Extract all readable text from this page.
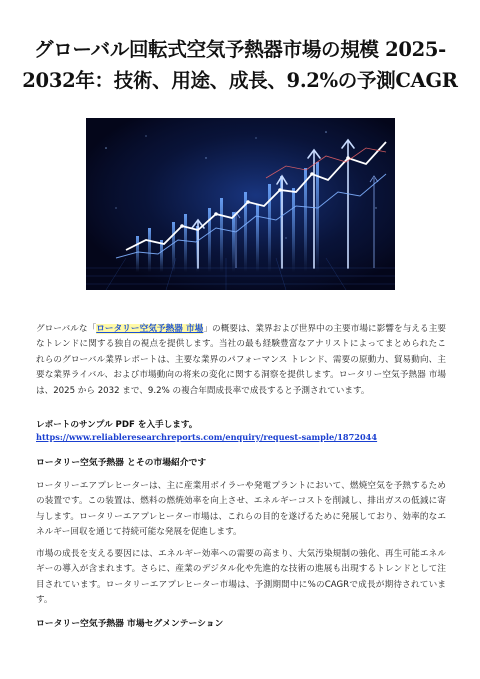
グローバル回転式空気予熱器市場の規模 2025-2032年：技術、用途、成長、9.2%の予測CAGR

グローバルな「ロータリー空気予熱器 市場」の概要は、業界および世界中の主要市場に影響を与える主要なトレンドに関する独自の視点を提供します。当社の最も経験豊富なアナリストによってまとめられたこれらのグローバル業界レポートは、主要な業界のパフォーマンス トレンド、需要の原動力、貿易動向、主要な業界ライバル、および市場動向の将来の変化に関する洞察を提供します。ロータリー空気予熱器 市場は、2025 から 2032 まで、9.2% の複合年間成長率で成長すると予測されています。

レポートのサンプル PDF を入手します。
https://www.reliableresearchreports.com/enquiry/request-sample/1872044
ロータリー空気予熱器 とその市場紹介です

ロータリーエアプレヒーターは、主に産業用ボイラーや発電プラントにおいて、燃焼空気を予熱するための装置です。この装置は、燃料の燃焼効率を向上させ、エネルギーコストを削減し、排出ガスの低減に寄与します。ロータリーエアプレヒーター市場は、これらの目的を遂げるために発展しており、効率的なエネルギー回収を通じて持続可能な発展を促進します。

市場の成長を支える要因には、エネルギー効率への需要の高まり、大気汚染規制の強化、再生可能エネルギーの導入が含まれます。さらに、産業のデジタル化や先進的な技術の進展も出現するトレンドとして注目されています。ロータリーエアプレヒーター市場は、予測期間中に%のCAGRで成長が期待されています。

ロータリー空気予熱器 市場セグメンテーション
